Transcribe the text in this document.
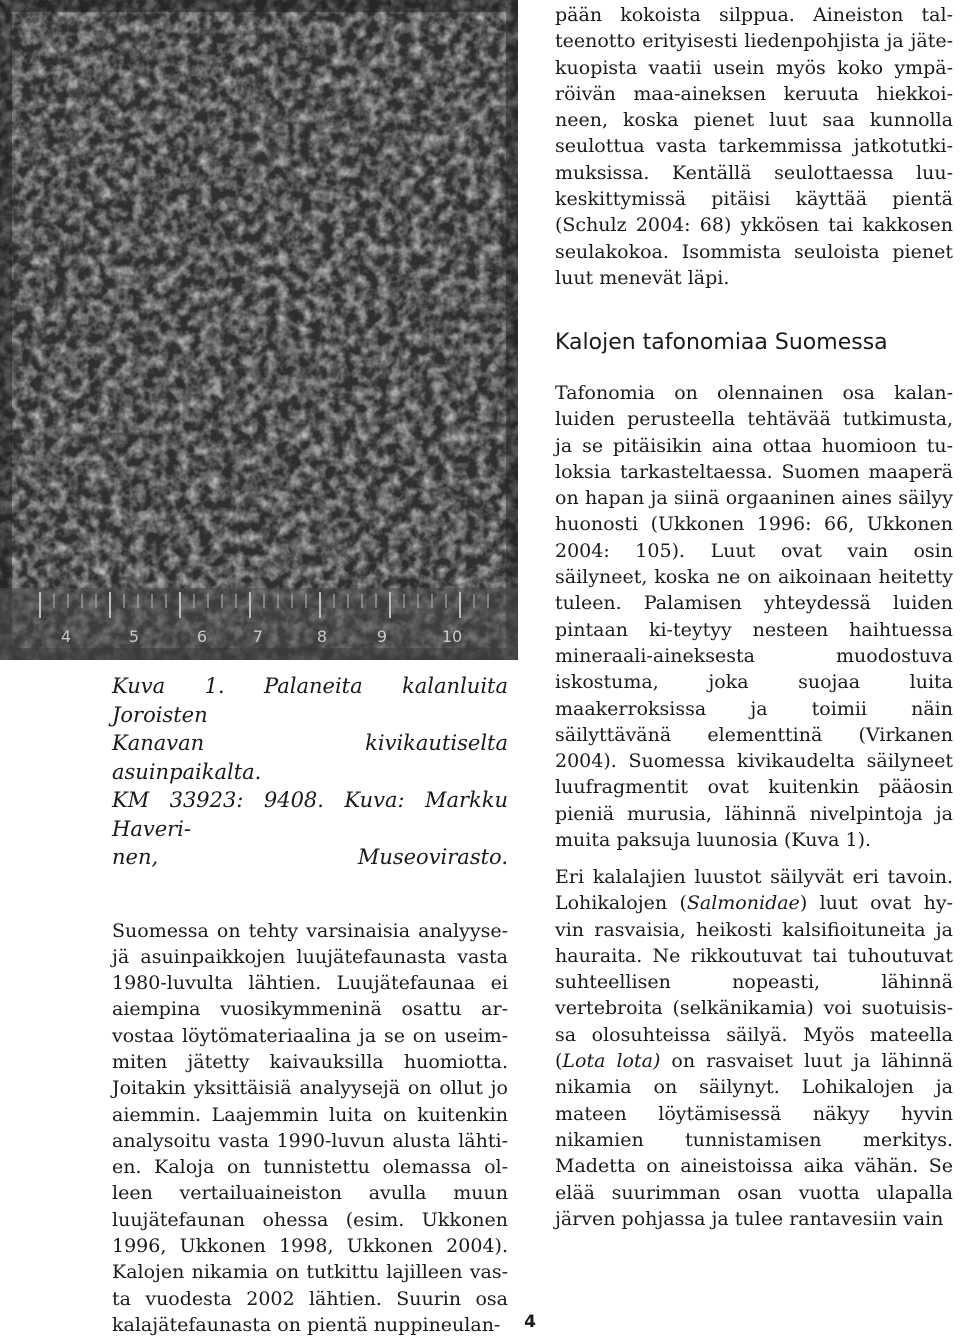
4	5	6	7	8	9	10
Kuva 1. Palaneita kalanluita Joroisten
Kanavan kivikautiselta asuinpaikalta.
KM 33923: 9408. Kuva: Markku Haveri-
nen, Museovirasto.

Suomessa on tehty varsinaisia analyyse-jä asuinpaikkojen luujätefaunasta vasta 1980-luvulta lähtien. Luujätefaunaa ei aiempina vuosikymmeninä osattu ar-vostaa löytömateriaalina ja se on useim-miten jätetty kaivauksilla huomiotta. Joitakin yksittäisiä analyysejä on ollut jo aiemmin. Laajemmin luita on kuitenkin analysoitu vasta 1990-luvun alusta lähti-en. Kaloja on tunnistettu olemassa ol-leen vertailuaineiston avulla muun luujätefaunan ohessa (esim. Ukkonen 1996, Ukkonen 1998, Ukkonen 2004). Kalojen nikamia on tutkittu lajilleen vas-ta vuodesta 2002 lähtien. Suurin osa kalajätefaunasta on pientä nuppineulan-

pään kokoista silppua. Aineiston tal-teenotto erityisesti liedenpohjista ja jäte-kuopista vaatii usein myös koko ympä-röivän maa-aineksen keruuta hiekkoi-neen, koska pienet luut saa kunnolla seulottua vasta tarkemmissa jatkotutki-muksissa. Kentällä seulottaessa luu-keskittymissä pitäisi käyttää pientä (Schulz 2004: 68) ykkösen tai kakkosen seulakokoa. Isommista seuloista pienet luut menevät läpi.

Kalojen tafonomiaa Suomessa

Tafonomia on olennainen osa kalan-luiden perusteella tehtävää tutkimusta, ja se pitäisikin aina ottaa huomioon tu-loksia tarkasteltaessa. Suomen maaperä on hapan ja siinä orgaaninen aines säilyy huonosti (Ukkonen 1996: 66, Ukkonen 2004: 105). Luut ovat vain osin säilyneet, koska ne on aikoinaan heitetty tuleen. Palamisen yhteydessä luiden pintaan ki-teytyy nesteen haihtuessa mineraali-aineksesta muodostuva iskostuma, joka suojaa luita maakerroksissa ja toimii näin säilyttävänä elementtinä (Virkanen 2004). Suomessa kivikaudelta säilyneet luufragmentit ovat kuitenkin pääosin pieniä murusia, lähinnä nivelpintoja ja muita paksuja luunosia (Kuva 1).

Eri kalalajien luustot säilyvät eri tavoin. Lohikalojen (Salmonidae) luut ovat hy-vin rasvaisia, heikosti kalsifioituneita ja hauraita. Ne rikkoutuvat tai tuhoutuvat suhteellisen nopeasti, lähinnä vertebroita (selkänikamia) voi suotuisis-sa olosuhteissa säilyä. Myös mateella (Lota lota) on rasvaiset luut ja lähinnä nikamia on säilynyt. Lohikalojen ja mateen löytämisessä näkyy hyvin nikamien tunnistamisen merkitys. Madetta on aineistoissa aika vähän. Se elää suurimman osan vuotta ulapalla järven pohjassa ja tulee rantavesiin vain

4
